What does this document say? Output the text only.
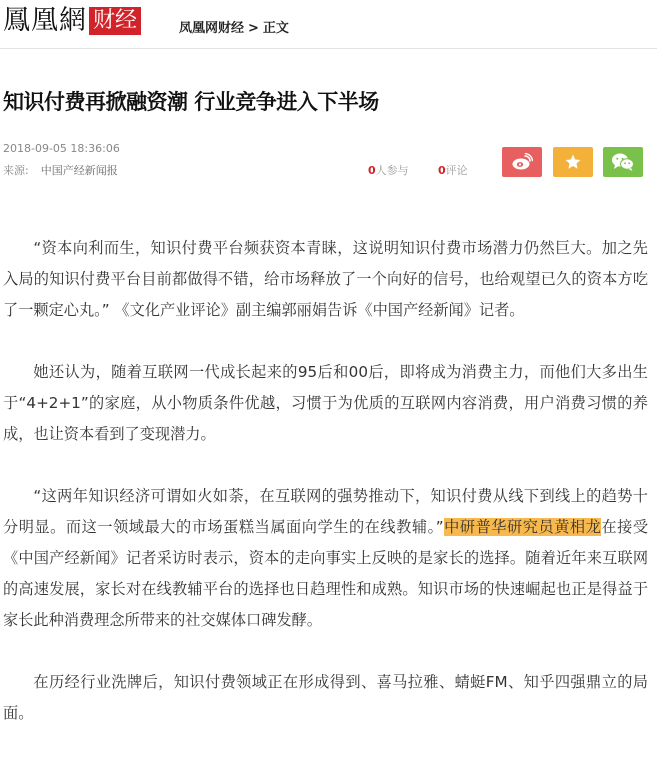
鳳凰網 财经	凤凰网财经 > 正文
知识付费再掀融资潮 行业竞争进入下半场
2018-09-05 18:36:06
来源: 中国产经新闻报	0人参与	0评论

“资本向利而生，知识付费平台频获资本青睐，这说明知识付费市场潜力仍然巨大。加之先入局的知识付费平台目前都做得不错，给市场释放了一个向好的信号，也给观望已久的资本方吃了一颗定心丸。” 《文化产业评论》副主编郭丽娟告诉《中国产经新闻》记者。

她还认为，随着互联网一代成长起来的95后和00后，即将成为消费主力，而他们大多出生于“4+2+1”的家庭，从小物质条件优越，习惯于为优质的互联网内容消费，用户消费习惯的养成，也让资本看到了变现潜力。

“这两年知识经济可谓如火如荼，在互联网的强势推动下，知识付费从线下到线上的趋势十分明显。而这一领域最大的市场蛋糕当属面向学生的在线教辅。”中研普华研究员黄相龙在接受《中国产经新闻》记者采访时表示，资本的走向事实上反映的是家长的选择。随着近年来互联网的高速发展，家长对在线教辅平台的选择也日趋理性和成熟。知识市场的快速崛起也正是得益于家长此种消费理念所带来的社交媒体口碑发酵。

在历经行业洗牌后，知识付费领域正在形成得到、喜马拉雅、蜻蜓FM、知乎四强鼎立的局面。
